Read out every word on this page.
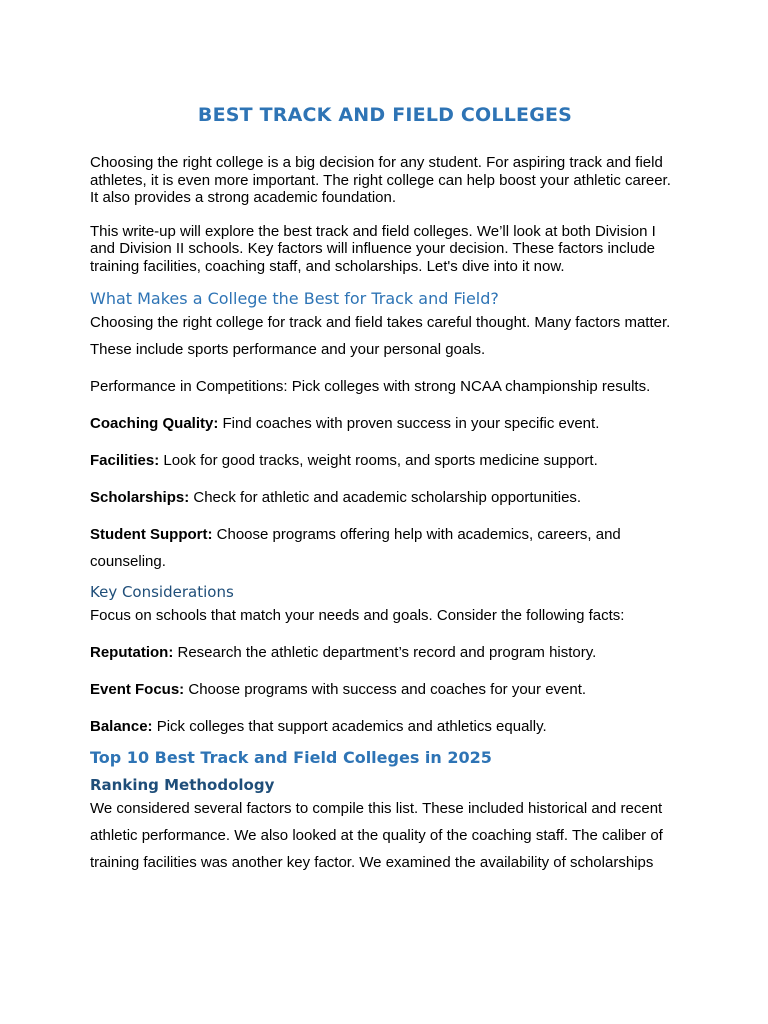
BEST TRACK AND FIELD COLLEGES

Choosing the right college is a big decision for any student. For aspiring track and field athletes, it is even more important. The right college can help boost your athletic career. It also provides a strong academic foundation.

This write-up will explore the best track and field colleges. We’ll look at both Division I and Division II schools. Key factors will influence your decision. These factors include training facilities, coaching staff, and scholarships. Let's dive into it now.

What Makes a College the Best for Track and Field?

Choosing the right college for track and field takes careful thought. Many factors matter. These include sports performance and your personal goals.

Performance in Competitions: Pick colleges with strong NCAA championship results.

Coaching Quality: Find coaches with proven success in your specific event.

Facilities: Look for good tracks, weight rooms, and sports medicine support.

Scholarships: Check for athletic and academic scholarship opportunities.

Student Support: Choose programs offering help with academics, careers, and counseling.

Key Considerations

Focus on schools that match your needs and goals. Consider the following facts:

Reputation: Research the athletic department’s record and program history.

Event Focus: Choose programs with success and coaches for your event.

Balance: Pick colleges that support academics and athletics equally.

Top 10 Best Track and Field Colleges in 2025
Ranking Methodology

We considered several factors to compile this list. These included historical and recent athletic performance. We also looked at the quality of the coaching staff. The caliber of training facilities was another key factor. We examined the availability of scholarships
